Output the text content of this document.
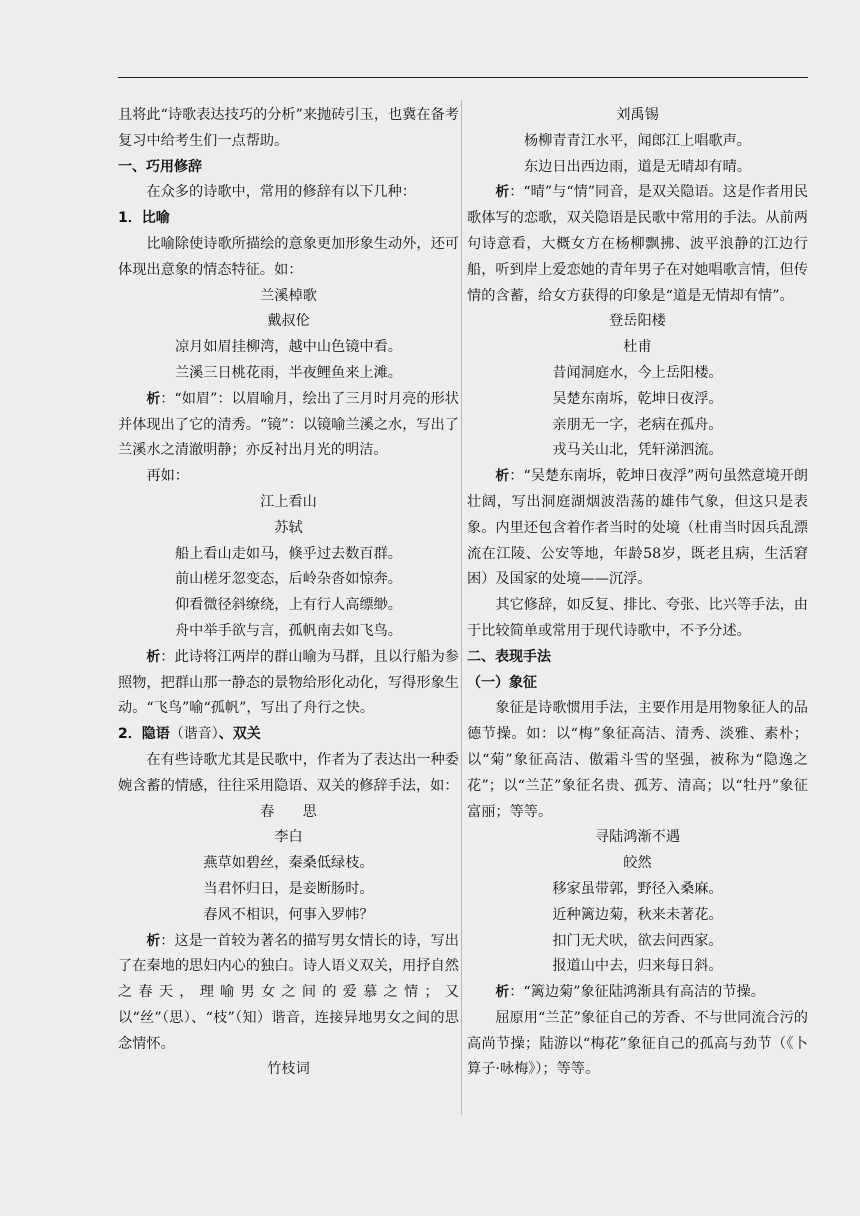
且将此“诗歌表达技巧的分析”来抛砖引玉，也冀在备考复习中给考生们一点帮助。

一、巧用修辞

在众多的诗歌中，常用的修辞有以下几种：

1．比喻

比喻除使诗歌所描绘的意象更加形象生动外，还可体现出意象的情态特征。如：

兰溪棹歌

戴叔伦

凉月如眉挂柳湾，越中山色镜中看。

兰溪三日桃花雨，半夜鲤鱼来上滩。

析：“如眉”：以眉喻月，绘出了三月时月亮的形状并体现出了它的清秀。“镜”：以镜喻兰溪之水，写出了兰溪水之清澈明静；亦反衬出月光的明洁。

再如：

江上看山

苏轼

船上看山走如马，倏乎过去数百群。

前山槎牙忽变态，后岭杂沓如惊奔。

仰看微径斜缭绕，上有行人高缥缈。

舟中举手欲与言，孤帆南去如飞鸟。

析：此诗将江两岸的群山喻为马群，且以行船为参照物，把群山那一静态的景物给形化动化，写得形象生动。“飞鸟”喻“孤帆”，写出了舟行之快。

2．隐语（谐音）、双关

在有些诗歌尤其是民歌中，作者为了表达出一种委婉含蓄的情感，往往采用隐语、双关的修辞手法，如：

春　　思

李白

燕草如碧丝，秦桑低绿枝。

当君怀归日，是妾断肠时。

春风不相识，何事入罗帏？

析：这是一首较为著名的描写男女情长的诗，写出了在秦地的思妇内心的独白。诗人语义双关，用抒自然之春天，理喻男女之间的爱慕之情；又以“丝”（思）、“枝”（知）谐音，连接异地男女之间的思念情怀。

竹枝词

刘禹锡

杨柳青青江水平，闻郎江上唱歌声。

东边日出西边雨，道是无晴却有晴。

析：“晴”与“情”同音，是双关隐语。这是作者用民歌体写的恋歌，双关隐语是民歌中常用的手法。从前两句诗意看，大概女方在杨柳飘拂、波平浪静的江边行船，听到岸上爱恋她的青年男子在对她唱歌言情，但传情的含蓄，给女方获得的印象是“道是无情却有情”。

登岳阳楼

杜甫

昔闻洞庭水，今上岳阳楼。

吴楚东南坼，乾坤日夜浮。

亲朋无一字，老病在孤舟。

戎马关山北，凭轩涕泗流。

析：“吴楚东南坼，乾坤日夜浮”两句虽然意境开朗壮阔，写出洞庭湖烟波浩荡的雄伟气象，但这只是表象。内里还包含着作者当时的处境（杜甫当时因兵乱漂流在江陵、公安等地，年龄58岁，既老且病，生活窘困）及国家的处境——沉浮。

其它修辞，如反复、排比、夸张、比兴等手法，由于比较简单或常用于现代诗歌中，不予分述。

二、表现手法

（一）象征

象征是诗歌惯用手法，主要作用是用物象征人的品德节操。如：以“梅”象征高洁、清秀、淡雅、素朴；以“菊”象征高洁、傲霜斗雪的坚强，被称为“隐逸之花”；以“兰芷”象征名贵、孤芳、清高；以“牡丹”象征富丽；等等。

寻陆鸿渐不遇

皎然

移家虽带郭，野径入桑麻。

近种篱边菊，秋来未著花。

扣门无犬吠，欲去问西家。

报道山中去，归来每日斜。

析：“篱边菊”象征陆鸿渐具有高洁的节操。

屈原用“兰芷”象征自己的芳香、不与世同流合污的高尚节操；陆游以“梅花”象征自己的孤高与劲节（《卜算子·咏梅》）；等等。
